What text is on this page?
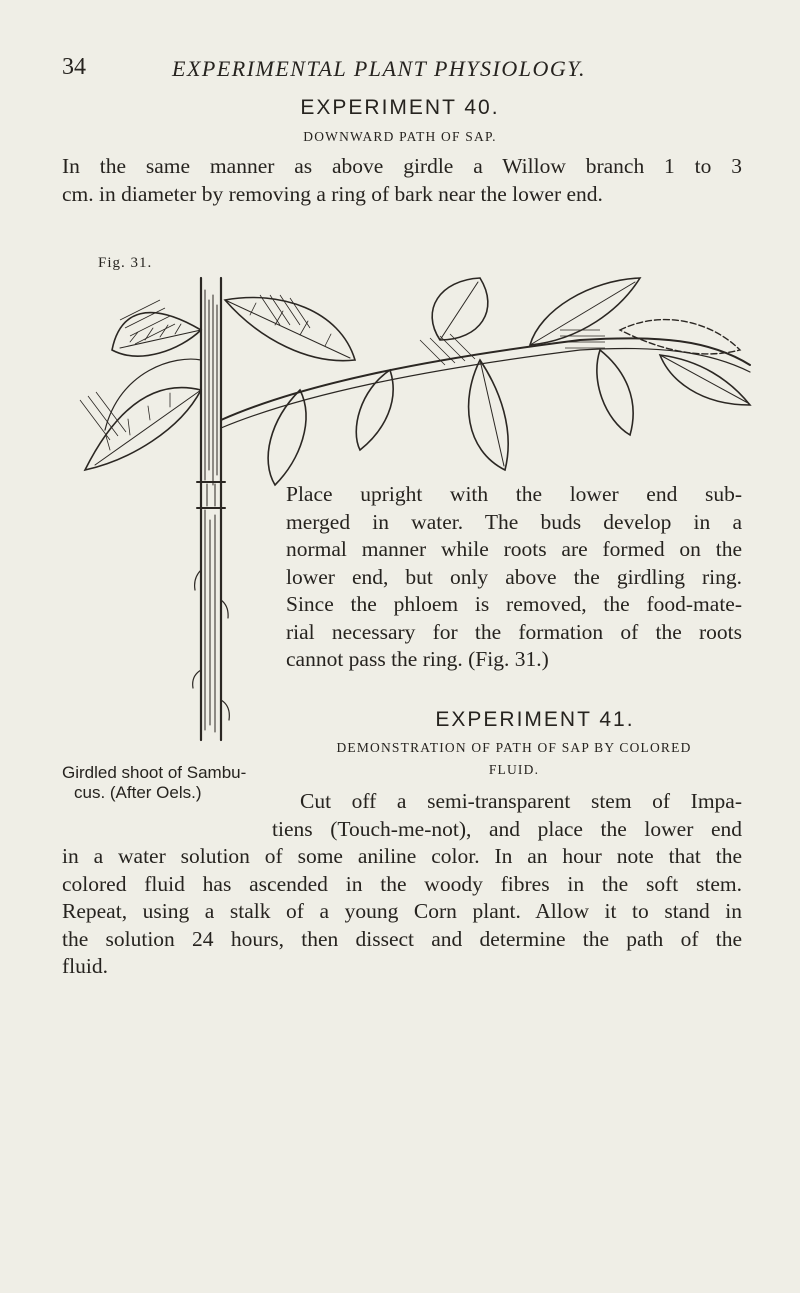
34	EXPERIMENTAL PLANT PHYSIOLOGY.
EXPERIMENT 40.
DOWNWARD PATH OF SAP.
In the same manner as above girdle a Willow branch 1 to 3
cm. in diameter by removing a ring of bark near the lower end.
Fig. 31.
Place upright with the lower end sub-
merged in water. The buds develop in a
normal manner while roots are formed on the
lower end, but only above the girdling ring.
Since the phloem is removed, the food-mate-
rial necessary for the formation of the roots
cannot pass the ring. (Fig. 31.)
EXPERIMENT 41.
DEMONSTRATION OF PATH OF SAP BY COLORED
FLUID.
Girdled shoot of Sambu-
cus. (After Oels.)	Cut off a semi-transparent stem of Impa-
tiens (Touch-me-not), and place the lower end
in a water solution of some aniline color. In an hour note that the
colored fluid has ascended in the woody fibres in the soft stem.
Repeat, using a stalk of a young Corn plant. Allow it to stand in
the solution 24 hours, then dissect and determine the path of the
fluid.
